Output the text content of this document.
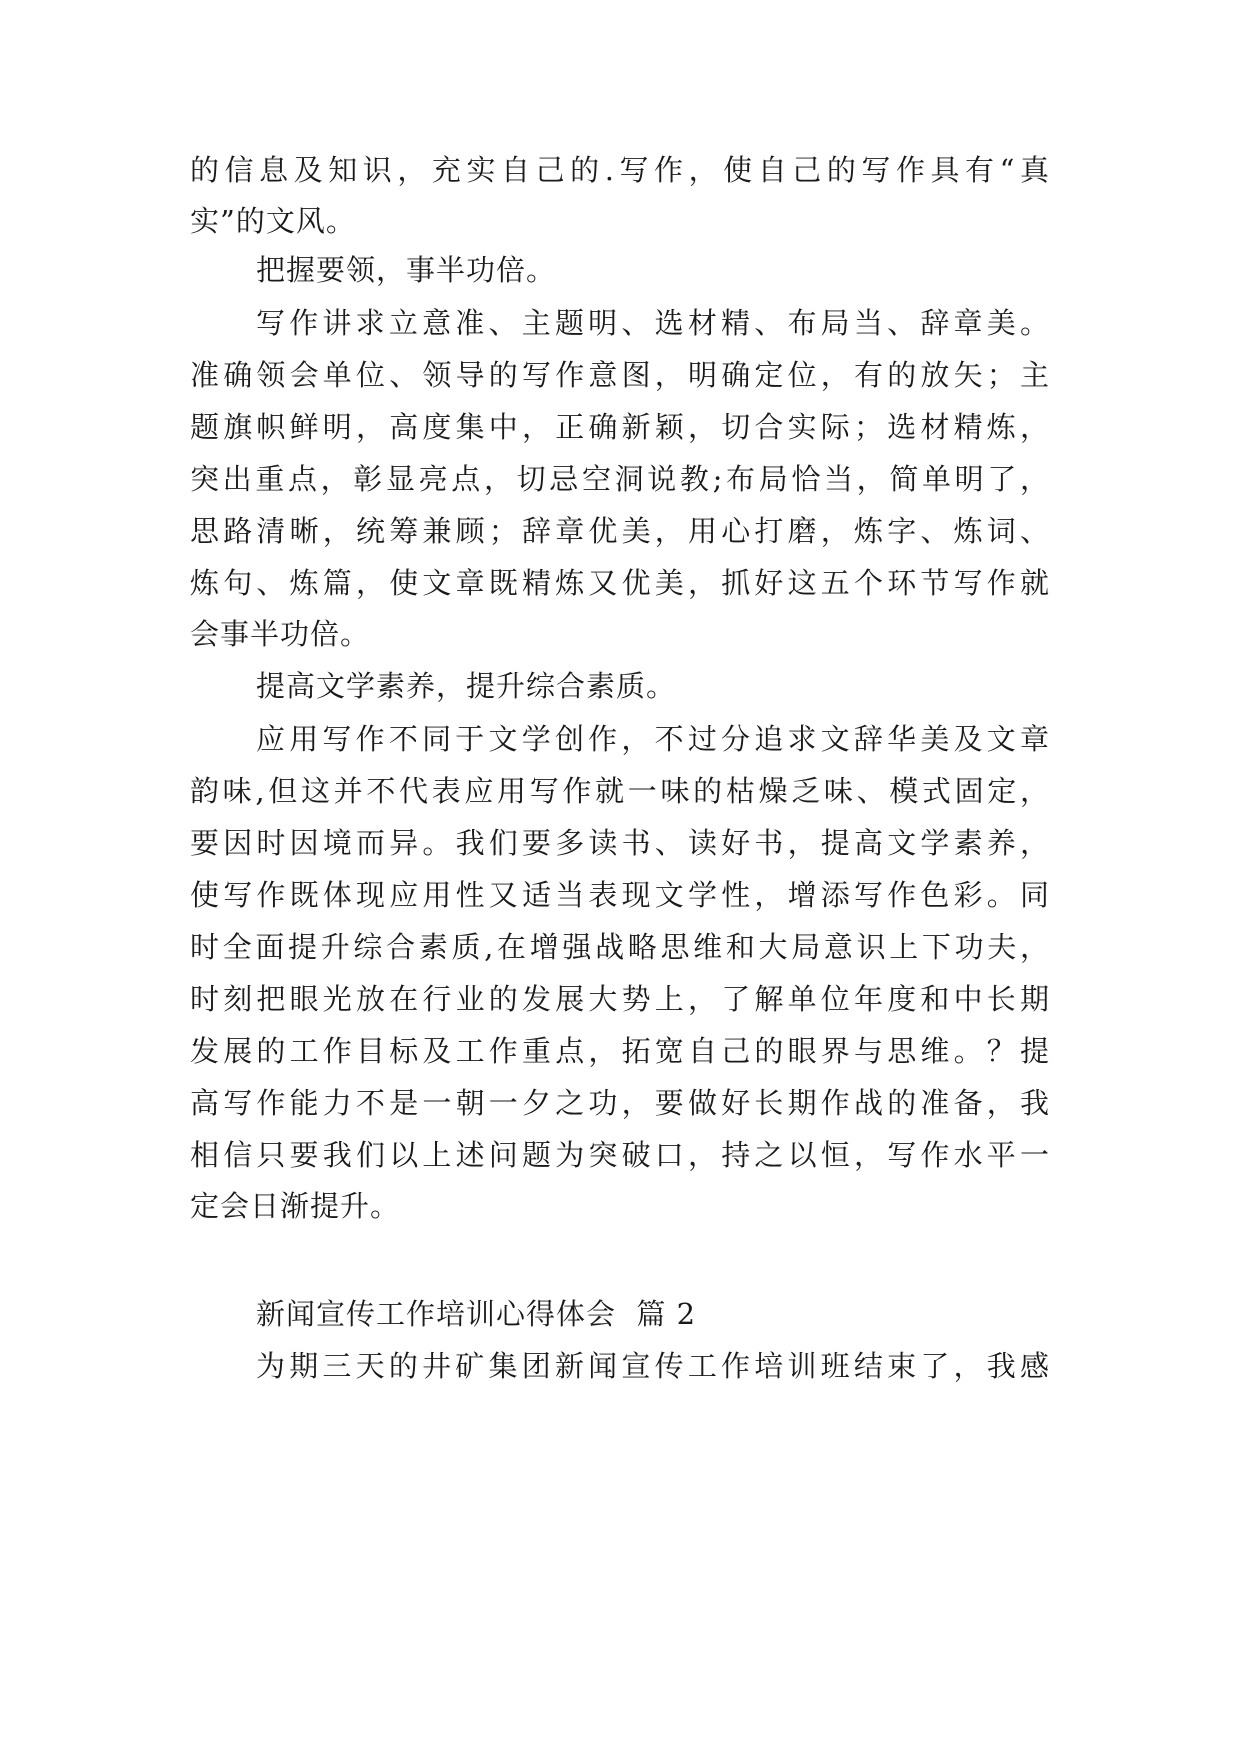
的信息及知识，充实自己的.写作，使自己的写作具有“真
实”的文风。
把握要领，事半功倍。
写作讲求立意准、主题明、选材精、布局当、辞章美。
准确领会单位、领导的写作意图，明确定位，有的放矢；主
题旗帜鲜明，高度集中，正确新颖，切合实际；选材精炼，
突出重点，彰显亮点，切忌空洞说教;布局恰当，简单明了，
思路清晰，统筹兼顾；辞章优美，用心打磨，炼字、炼词、
炼句、炼篇，使文章既精炼又优美，抓好这五个环节写作就
会事半功倍。
提高文学素养，提升综合素质。
应用写作不同于文学创作，不过分追求文辞华美及文章
韵味,但这并不代表应用写作就一味的枯燥乏味、模式固定，
要因时因境而异。我们要多读书、读好书，提高文学素养，
使写作既体现应用性又适当表现文学性，增添写作色彩。同
时全面提升综合素质,在增强战略思维和大局意识上下功夫，
时刻把眼光放在行业的发展大势上，了解单位年度和中长期
发展的工作目标及工作重点，拓宽自己的眼界与思维。？提
高写作能力不是一朝一夕之功，要做好长期作战的准备，我
相信只要我们以上述问题为突破口，持之以恒，写作水平一
定会日渐提升。
新闻宣传工作培训心得体会  篇 2
为期三天的井矿集团新闻宣传工作培训班结束了，我感
